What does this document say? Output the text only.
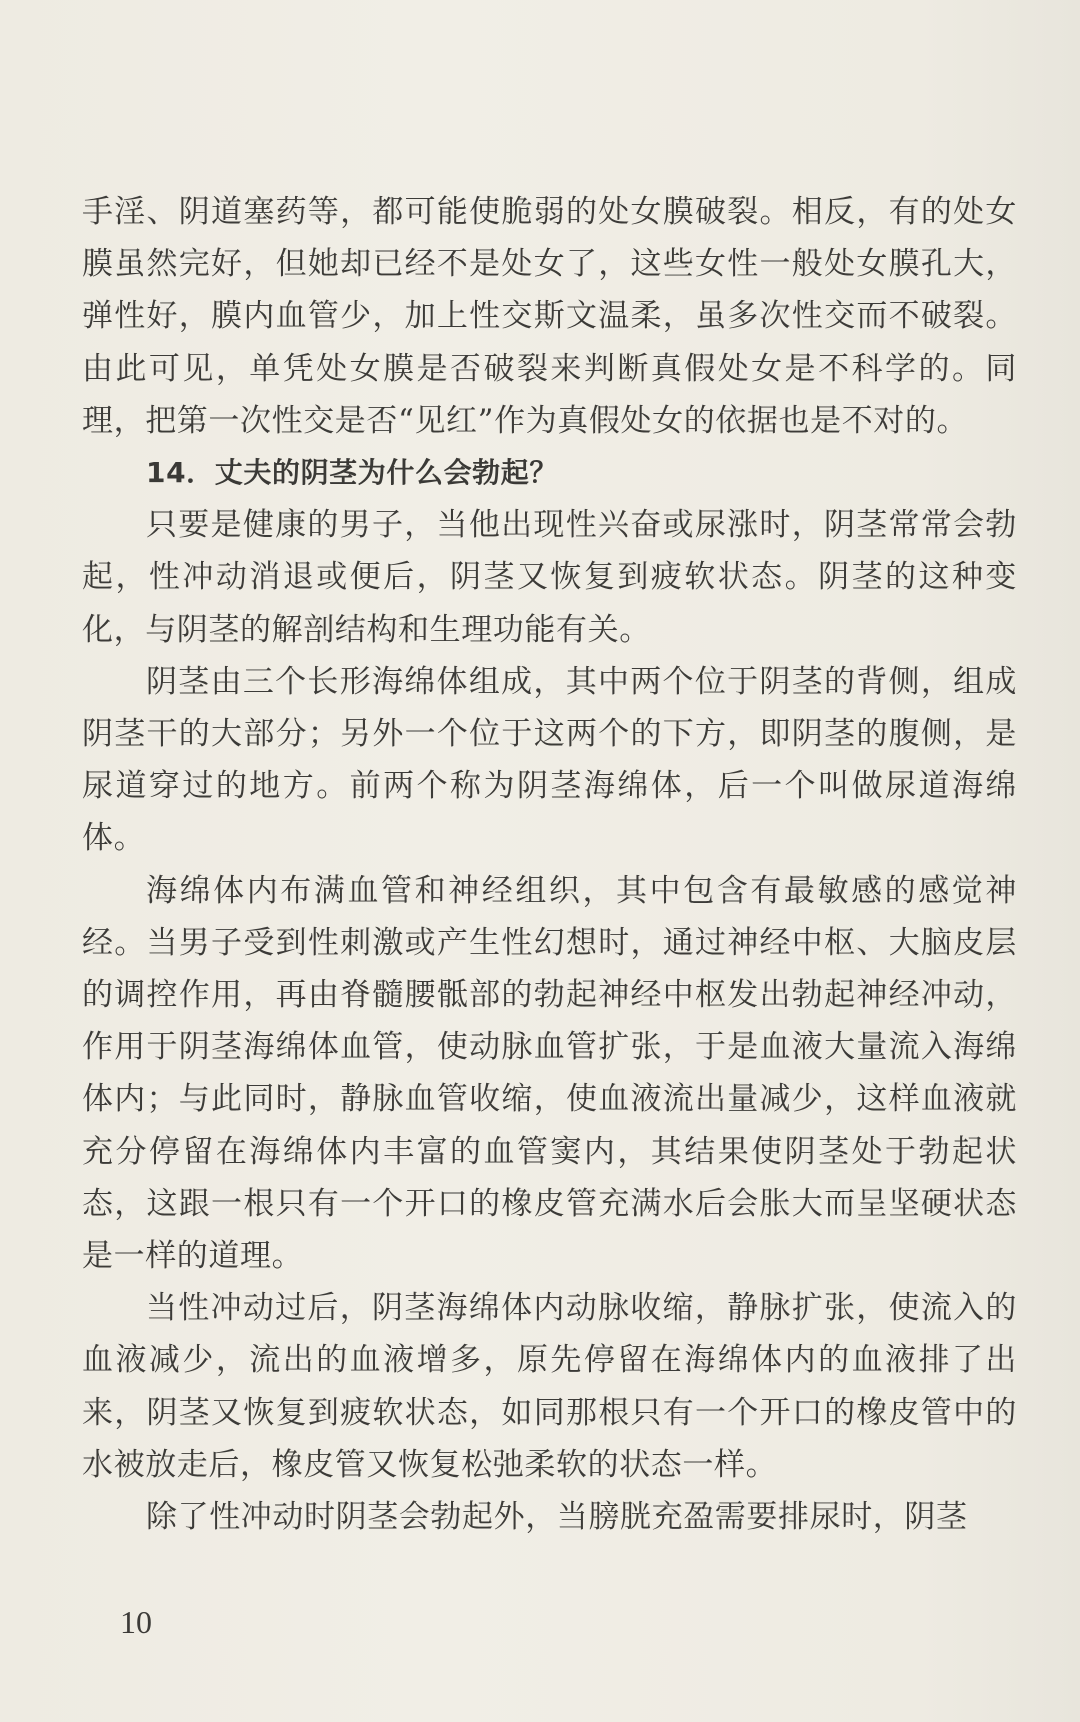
手淫、阴道塞药等，都可能使脆弱的处女膜破裂。相反，有的处女膜虽然完好，但她却已经不是处女了，这些女性一般处女膜孔大，弹性好，膜内血管少，加上性交斯文温柔，虽多次性交而不破裂。由此可见，单凭处女膜是否破裂来判断真假处女是不科学的。同理，把第一次性交是否“见红”作为真假处女的依据也是不对的。

14．丈夫的阴茎为什么会勃起？

只要是健康的男子，当他出现性兴奋或尿涨时，阴茎常常会勃起，性冲动消退或便后，阴茎又恢复到疲软状态。阴茎的这种变化，与阴茎的解剖结构和生理功能有关。

阴茎由三个长形海绵体组成，其中两个位于阴茎的背侧，组成阴茎干的大部分；另外一个位于这两个的下方，即阴茎的腹侧，是尿道穿过的地方。前两个称为阴茎海绵体，后一个叫做尿道海绵体。

海绵体内布满血管和神经组织，其中包含有最敏感的感觉神经。当男子受到性刺激或产生性幻想时，通过神经中枢、大脑皮层的调控作用，再由脊髓腰骶部的勃起神经中枢发出勃起神经冲动，作用于阴茎海绵体血管，使动脉血管扩张，于是血液大量流入海绵体内；与此同时，静脉血管收缩，使血液流出量减少，这样血液就充分停留在海绵体内丰富的血管窦内，其结果使阴茎处于勃起状态，这跟一根只有一个开口的橡皮管充满水后会胀大而呈坚硬状态是一样的道理。

当性冲动过后，阴茎海绵体内动脉收缩，静脉扩张，使流入的血液减少，流出的血液增多，原先停留在海绵体内的血液排了出来，阴茎又恢复到疲软状态，如同那根只有一个开口的橡皮管中的水被放走后，橡皮管又恢复松弛柔软的状态一样。

除了性冲动时阴茎会勃起外，当膀胱充盈需要排尿时，阴茎

10
